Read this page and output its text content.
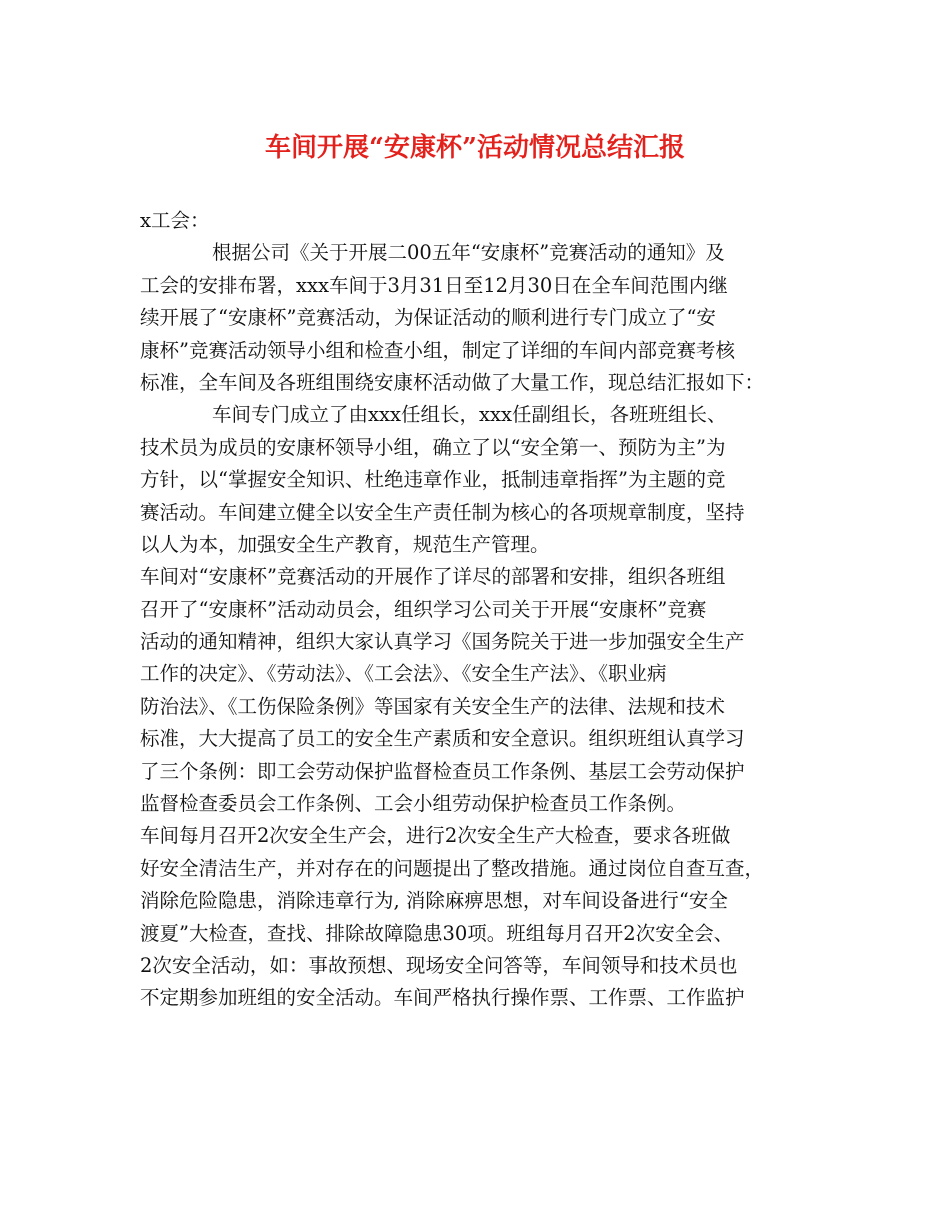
车间开展“安康杯”活动情况总结汇报
x工会：
根据公司《关于开展二00五年“安康杯”竞赛活动的通知》及
工会的安排布署，xxx车间于3月31日至12月30日在全车间范围内继
续开展了“安康杯”竞赛活动，为保证活动的顺利进行专门成立了“安
康杯”竞赛活动领导小组和检查小组，制定了详细的车间内部竞赛考核
标准，全车间及各班组围绕安康杯活动做了大量工作，现总结汇报如下：
车间专门成立了由xxx任组长，xxx任副组长，各班班组长、
技术员为成员的安康杯领导小组，确立了以“安全第一、预防为主”为
方针，以“掌握安全知识、杜绝违章作业，抵制违章指挥”为主题的竞
赛活动。车间建立健全以安全生产责任制为核心的各项规章制度，坚持
以人为本，加强安全生产教育，规范生产管理。
车间对“安康杯”竞赛活动的开展作了详尽的部署和安排，组织各班组
召开了“安康杯”活动动员会，组织学习公司关于开展“安康杯”竞赛
活动的通知精神，组织大家认真学习《国务院关于进一步加强安全生产
工作的决定》、《劳动法》、《工会法》、《安全生产法》、《职业病
防治法》、《工伤保险条例》等国家有关安全生产的法律、法规和技术
标准，大大提高了员工的安全生产素质和安全意识。组织班组认真学习
了三个条例：即工会劳动保护监督检查员工作条例、基层工会劳动保护
监督检查委员会工作条例、工会小组劳动保护检查员工作条例。
车间每月召开2次安全生产会，进行2次安全生产大检查，要求各班做
好安全清洁生产，并对存在的问题提出了整改措施。通过岗位自查互查，
消除危险隐患，消除违章行为, 消除麻痹思想，对车间设备进行“安全
渡夏”大检查，查找、排除故障隐患30项。班组每月召开2次安全会、
2次安全活动，如：事故预想、现场安全问答等，车间领导和技术员也
不定期参加班组的安全活动。车间严格执行操作票、工作票、工作监护
